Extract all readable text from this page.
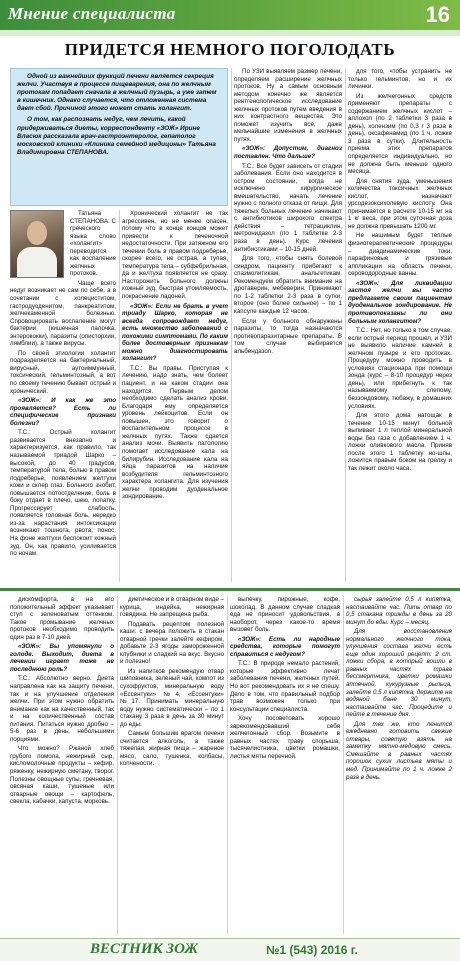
Мнение специалиста	16
ПРИДЕТСЯ НЕМНОГО ПОГОЛОДАТЬ

Одной из важнейших функций печени является секреция желчи. Участвуя в процессе пищеварения, она по желчным протокам попадает сначала в желчный пузырь, а уже затем в кишечник. Однако случается, что отложенная система дает сбой. Причиной этого может стать холангит.

О том, как распознать недуг, чем лечить, какой придерживаться диеты, корреспонденту «ЗОЖ» Ирине Власюк рассказала врач-гастроэнтеролог, гепатолог московской клиники «Клиника семейной медицины» Татьяна Владимировна СТЕПАНОВА.

Татьяна СТЕПАНОВА: С греческого языка слово «холангит» переводится как воспаление желчных протоков.

Чаще всего недуг возникает не сам по себе, а в сочетании с холециститом, гастродуоденитом, панкреатитом, желчекаменной болезнью. Спровоцировать воспаление могут бактерии (кишечная палочка, энтерококки), паразиты (описторхии, лямблии), а также вирусы.

По своей этиологии холангит подразделяется на бактериальный, вирусный, аутоиммунный, токсический, гельминтозный, а вот по своему течению бывает острый и хронический.

«ЗОЖ»: И как же это проявляется? Есть ли специфические признаки болезни?

Т.С.: Острый холангит развивается внезапно и характеризуется, как правило, так называемой триадой Шарко – высокой, до 40 градусов, температурой тела, болью в правом подреберье, появлением желтухи кожи и склер глаз. Больного знобит, повышается потоотделение, боль в боку отдает в плечо, шею, лопатку. Прогрессирует слабость, появляется головная боль, нередко из-за нарастания интоксикации возникают тошнота, рвота, понос. На фоне желтухи беспокоит кожный зуд. Он, как правило, усиливается по ночам.

Хронический холангит не так агрессивен, но не менее опасен, потому что в конце концов может привести к печеночной недостаточности. При затяжном его течении боль в правом подреберье, скорее всего, не острая, а тупая, температура тела – субфебрильная, да и желтуха появляется не сразу. Насторожить больного должны кожный зуд, быстрая утомляемость, покраснение ладоней.

«ЗОЖ»: Если не брать в учет триаду Шарко, которая не всегда сопровождает недуг, есть множество заболеваний с похожими симптомами. По каким более достоверным признакам можно диагностировать холангит?

Т.С.: Вы правы. Приступая к лечению, надо знать, чем болеет пациент, и на каком стадии она находится. Первым делом необходимо сделать анализ крови. Благодаря ему определяется уровень лейкоцитов. Если он повышен, это говорит о воспалительном процессе в желчных путях. Также сдается анализ мочи. Выявить патологию помогает исследование кала на билирубин. Исследование кала на яйца паразитов на наличие возбудителя гельминтозного характера холангита. Для изучения желчи проводим дуоденальное зондирование.

По УЗИ выявляем размер печени, определяем расширение желчных протоков. Ну а самым основным методом конечно же является рентгенологическое исследование желчных протоков путем введения в них контрастного вещества. Это поможет изучить все, даже мельчайшие изменения в желчных путях.

«ЗОЖ»: Допустим, диагноз поставлен. Что дальше?

Т.С.: Все будет зависеть от стадии заболевания. Если оно находится в остром состоянии, когда не исключено хирургическое вмешательство, начать лечение нужно с полного отказа от пищи. Для тяжелых больных лечение начинают с антибиотиков широкого спектра действия – тетрациклин, метронидазол (по 1 таблетке 2-3 раза в день). Курс лечения антибиотиками – 10-15 дней.

Для того, чтобы снять болевой синдром, пациенту прибегают к спазмолитикам, анальгетикам. Рекомендуем обратить внимание на дротаверин, мебеверин. Принимают по 1-2 таблетки 2-3 раза в сутки, второе (оно более сильное) – по 1 капсуле каждые 12 часов.

Если у больного обнаружены паразиты, то тогда назначаются противопаразитарные препараты. В том случае выбирается альбендазол.

для того, чтобы устранить не только гельминтов, но и их личинки.

Из желчегонных средств применяют препараты с содержанием желчных кислот – аллохол (по 2 таблетки 3 раза в день), холензим (по 0,3 г 3 раза в день), оксафенамид (по 1 ч. ложке 3 раза в сутки). Длительность приема этих препаратов определяется индивидуально, но не должна быть меньше одного месяца.

Для снятия зуда, уменьшения количества токсичных желчных кислот, назначают урсодезоксихолевую кислоту. Она принимается в расчете 10-15 мг на 1 кг веса, при этом суточная доза не должна превышать 1200 мг.

Не нашимым будет теплые физиотерапевтические процедуры – диадинамические токи, парафиновые и грязевые аппликации на область печени, сероводородные ванны.

«ЗОЖ»: Для ликвидации застоя желчи вы часто предлагаете своим пациентам дуоденальное зондирование. Не противопоказаны ли они больным холангитом?

Т.С.: Нет, но только в том случае, если острый период прошел, и УЗИ не выявило наличие камней в желчном пузыре и его протоках. Процедуру можно проводить в условиях стационара при помощи зонда (курс – 8-10 процедур через день), или прибегнуть к так называемому слепому, беззондовому, тюбажу, в домашних условиях.

Для этого дома натощак в течение 10-15 минут больной выпивает 1 л теплой минеральной воды без газа с добавлением 1 ч. ложки оливкового масла. Приняв после этого 1 таблетку но-шпы, ложится правым боком на грелку и так лежит около часа.

дискомфорта, а на его положительный эффект указывает стул с зеленоватым оттенком. Такое промывание желчных протоков необходимо проводить один раз в 7-10 дней.

«ЗОЖ»: Вы упомянули о голоде. Выходит, диета в лечении играет тоже не последнюю роль?

Т.С.: Абсолютно верно. Диета направлена как на защиту печени, так и на улучшение отделения желчи. При этом нужно обратить внимание как на качественный, так и на количественный состав питания. Питаться нужно дробно – 5-6 раз в день, небольшими порциями.

Что можно? Ржаной хлеб грубого помола, нежирный сыр, кисломолочные продукты – кефир, ряженку, нежирную сметану, творог. Полезны овощные супы, гречневая, овсяная каши, тушеные или отварные овощи – картофель, свекла, кабачки, капуста, морковь.

диетическое и в отварном виде – курица, индейка, нежирная говядина. Не запрещена рыба.

Подавать рецептом полезной каши: с вечера положить в стакан отварной гречки залейте кефиром, добавьте 2-3 ягоды замороженной клубники и сладкий на вкус. Вкусно и полезно!

Из напитков рекомендую отвар шиповника, зеленый чай, компот из сухофруктов, минеральную воду «Ессентуки» №4, «Ессентуки» №17. Принимать минеральную воду нужно систематически – по 1 стакану 3 раза в день за 30 минут до еды.

Самым большим врагом печени считается алкоголь, а также тяжелая, жирная пища – жареное мясо, сало, тушенка, колбасы, копчености.

выпечку, пирожные, кофе, шоколад. В данном случае сладкая еда не приносит удовольствия, а наоборот, через какое-то время вызовет боль.

«ЗОЖ»: Есть ли народные средства, которые помогут справиться с недугом?

Т.С.: В природе немало растений, которые эффективно лечат заболевания печени, желчных путей. Но вот рекомендовать их я не спешу. Дело в том, что правильный подбор трав возможен только при консультации специалиста.

Хочу посоветовать хорошо зарекомендовавший себя желчегонный сбор. Возьмите в равных частях траву спорыша, тысячелистника, цветки ромашки, листья мяты перечной.

сырья залейте 0,5 л кипятка, настаивайте час. Пить отвар по 0,5 стакана трижды в день за 20 минут до еды. Курс – месяц.

Для восстановления нормального желчного тока, улучшения состава желчи есть еще один хороший рецепт: 2 ст. ложки сбора, в который вошли в равных частях трава бессмертника, цветки ромашки аптечной, кукурузные рыльца, залейте 0,5 л кипятка, держите на водяной бане 30 минут, настаивайте час. Процедите и пейте в течение дня.

Для тех же, кто ленится ежедневно готовить свежие отвары, советую взять на заметку мятно-медовую смесь. Смешайте в равных частях порошок сухих листьев мяты и мед. Принимайте по 1 ч. ложке 2 раза в день.

ВЕСТНИК ЗОЖ	№1 (543) 2016 г.
